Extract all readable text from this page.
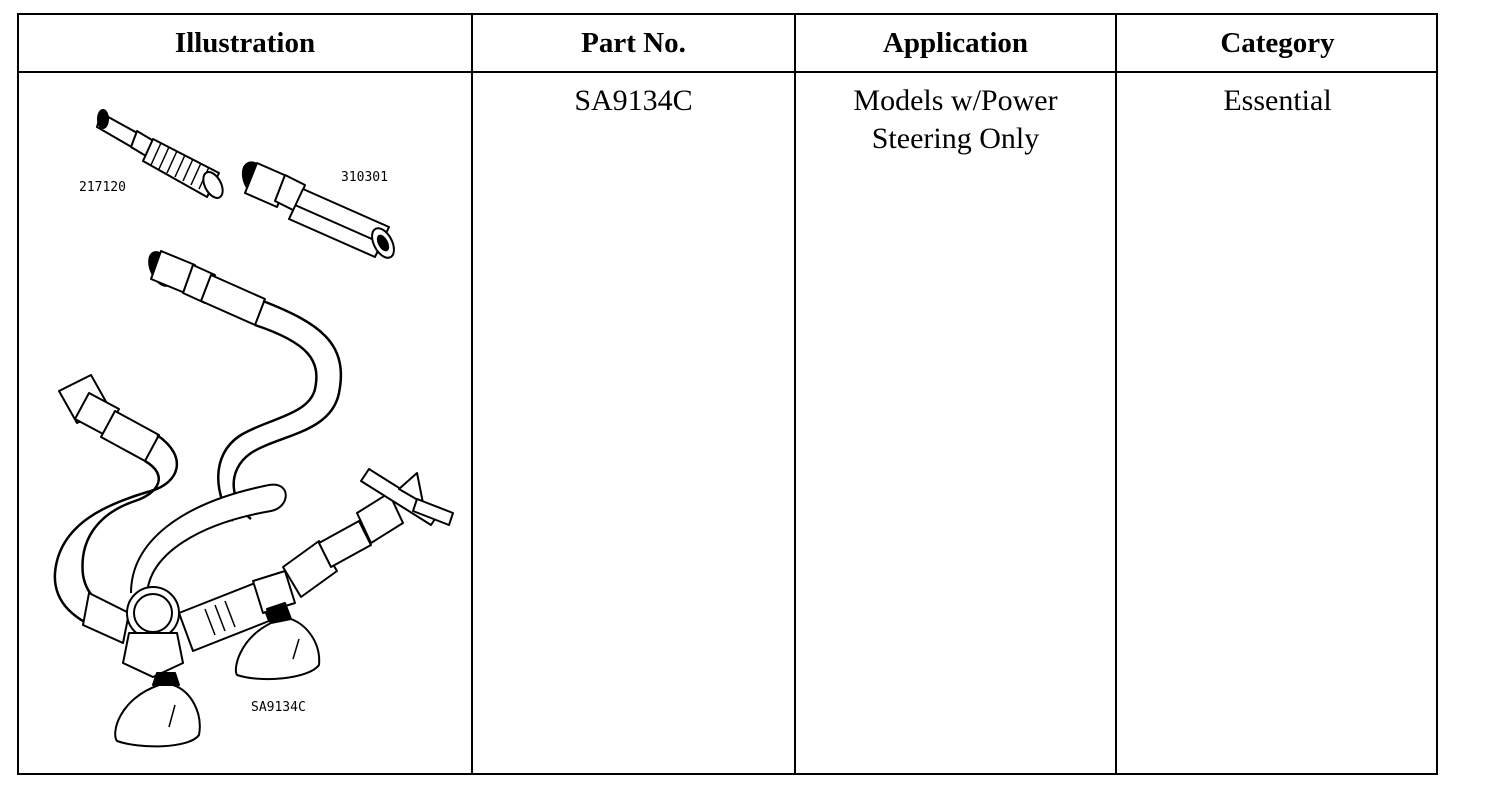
Illustration
217120
310301
SA9134C
Part No.
SA9134C
Application
Models w/Power
Steering Only
Category
Essential
